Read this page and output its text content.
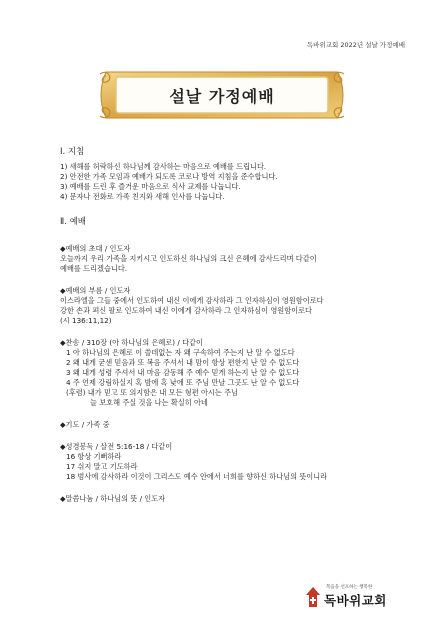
독바위교회 2022년 설날 가정예배
설날 가정예배
Ⅰ. 지침
1) 새해를 허락하신 하나님께 감사하는 마음으로 예배를 드립니다.
2) 안전한 가족 모임과 예배가 되도록 코로나 방역 지침을 준수합니다.
3) 예배를 드린 후 즐거운 마음으로 식사 교제를 나눕니다.
4) 문자나 전화로 가족 친지와 새해 인사를 나눕니다.
Ⅱ. 예배
◆예배의 초대 / 인도자
오늘까지 우리 가족을 지키시고 인도하신 하나님의 크신 은혜에 감사드리며 다같이
예배를 드리겠습니다.
◆예배의 부름 / 인도자
이스라엘을 그들 중에서 인도하여 내신 이에게 감사하라 그 인자하심이 영원함이로다
강한 손과 펴신 팔로 인도하여 내신 이에게 감사하라 그 인자하심이 영원함이로다
(시 136:11,12)
◆찬송 / 310장 (아 하나님의 은혜로) / 다같이
1 아 하나님의 은혜로 이 쓸데없는 자 왜 구속하여 주는지 난 알 수 없도다
2 왜 내게 굳센 믿음과 또 복음 주셔서 내 맘이 항상 편한지 난 알 수 없도다
3 왜 내게 성령 주셔서 내 마음 감동해 주 예수 믿게 하는지 난 알 수 없도다
4 주 언제 강림하실지 혹 밤에 혹 낮에 또 주님 만날 그곳도 난 알 수 없도다
(후렴) 내가 믿고 또 의지함은 내 모든 형편 아시는 주님
늘 보호해 주실 것을 나는 확실히 아네
◆기도 / 가족 중
◆성경봉독 / 살전 5:16-18 / 다같이
16 항상 기뻐하라
17 쉬지 말고 기도하라
18 범사에 감사하라 이것이 그리스도 예수 안에서 너희를 향하신 하나님의 뜻이니라
◆말씀나눔 / 하나님의 뜻 / 인도자
복음을 선포하는 행복한
독바위교회
